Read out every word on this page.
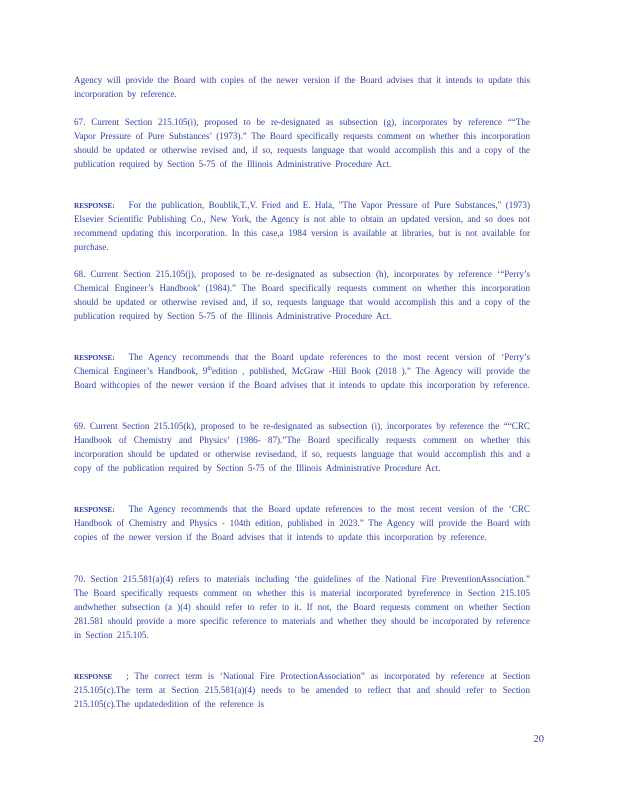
Agency will provide the Board with copies of the newer version if the Board advises that it intends to update this incorporation by reference.

67. Current Section 215.105(i), proposed to be re-designated as subsection (g), incorporates by reference ““The Vapor Pressure of Pure Substances’ (1973).” The Board specifically requests comment on whether this incorporation should be updated or otherwise revised and, if so, requests language that would accomplish this and a copy of the publication required by Section 5-75 of the Illinois Administrative Procedure Act.

RESPONSE: For the publication, Boublik,T.,V. Fried and E. Hala, "The Vapor Pressure of Pure Substances," (1973) Elsevier Scientific Publishing Co., New York, the Agency is not able to obtain an updated version, and so does not recommend updating this incorporation. In this case,a 1984 version is available at libraries, but is not available for purchase.

68. Current Section 215.105(j), proposed to be re-designated as subsection (h), incorporates by reference ‘“Perry’s Chemical Engineer’s Handbook’ (1984).” The Board specifically requests comment on whether this incorporation should be updated or otherwise revised and, if so, requests language that would accomplish this and a copy of the publication required by Section 5-75 of the Illinois Administrative Procedure Act.

RESPONSE: The Agency recommends that the Board update references to the most recent version of ‘Perry’s Chemical Engineer’s Handbook, 9thedition , published, McGraw -Hill Book (2018 ).” The Agency will provide the Board withcopies of the newer version if the Board advises that it intends to update this incorporation by reference.

69. Current Section 215.105(k), proposed to be re-designated as subsection (i), incorporates by reference the ““CRC Handbook of Chemistry and Physics’ (1986- 87).”The Board specifically requests comment on whether this incorporation should be updated or otherwise revisedand, if so, requests language that would accomplish this and a copy of the publication required by Section 5-75 of the Illinois Administrative Procedure Act.

RESPONSE: The Agency recommends that the Board update references to the most recent version of the ‘CRC Handbook of Chemistry and Physics - 104th edition, published in 2023.” The Agency will provide the Board with copies of the newer version if the Board advises that it intends to update this incorporation by reference.

70. Section 215.581(a)(4) refers to materials including ‘the guidelines of the National Fire PreventionAssociation.” The Board specifically requests comment on whether this is material incorporated byreference in Section 215.105 andwhether subsection (a )(4) should refer to refer to it. If not, the Board requests comment on whether Section 281.581 should provide a more specific reference to materials and whether they should be incorporated by reference in Section 215.105.

RESPONSE ; The correct term is ‘National Fire ProtectionAssociation” as incorporated by reference at Section 215.105(c).The term at Section 215.581(a)(4) needs to be amended to reflect that and should refer to Section 215.105(c).The updatededition of the reference is

20
